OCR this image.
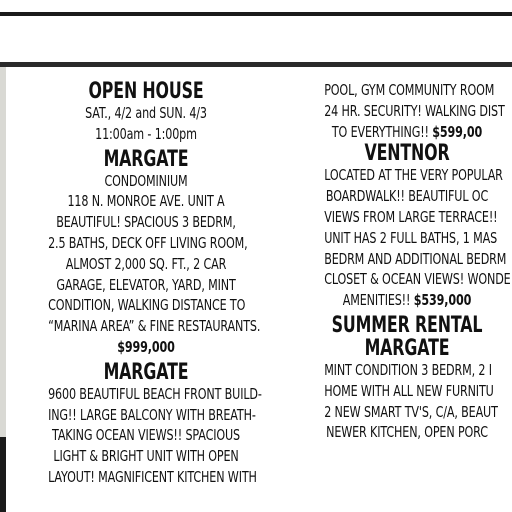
OPEN HOUSE
SAT., 4/2 and SUN. 4/3
11:00am - 1:00pm
MARGATE
CONDOMINIUM
118 N. MONROE AVE. UNIT A
BEAUTIFUL! SPACIOUS 3 BEDRM,
2.5 BATHS, DECK OFF LIVING ROOM,
ALMOST 2,000 SQ. FT., 2 CAR
GARAGE, ELEVATOR, YARD, MINT
CONDITION, WALKING DISTANCE TO
“MARINA AREA” & FINE RESTAURANTS.
$999,000
MARGATE
9600 BEAUTIFUL BEACH FRONT BUILD-
ING!! LARGE BALCONY WITH BREATH-
TAKING OCEAN VIEWS!! SPACIOUS
LIGHT & BRIGHT UNIT WITH OPEN
LAYOUT! MAGNIFICENT KITCHEN WITH
POOL, GYM COMMUNITY ROOM
24 HR. SECURITY! WALKING DIST
TO EVERYTHING!! $599,00
VENTNOR
LOCATED AT THE VERY POPULAR
BOARDWALK!! BEAUTIFUL OC
VIEWS FROM LARGE TERRACE!!
UNIT HAS 2 FULL BATHS, 1 MAS
BEDRM AND ADDITIONAL BEDRM
CLOSET & OCEAN VIEWS! WONDE
AMENITIES!! $539,000
SUMMER RENTAL
MARGATE
MINT CONDITION 3 BEDRM, 2 I
HOME WITH ALL NEW FURNITU
2 NEW SMART TV'S, C/A, BEAUT
NEWER KITCHEN, OPEN PORC
